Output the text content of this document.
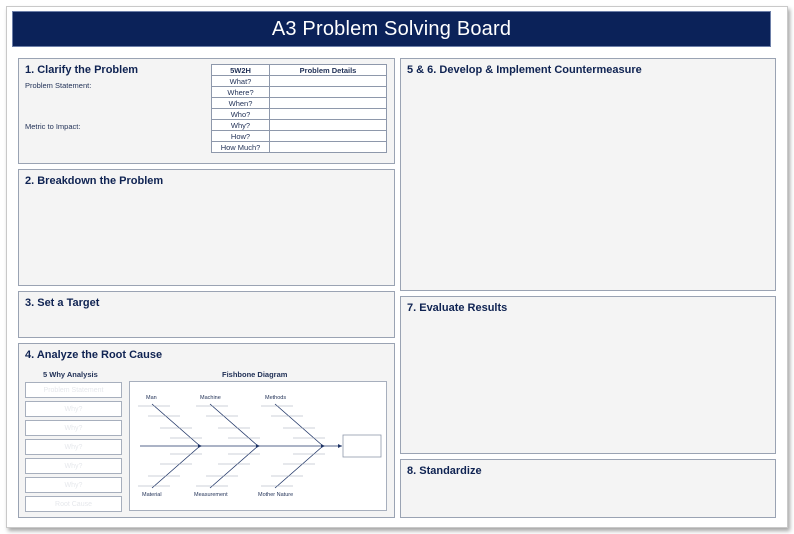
A3 Problem Solving Board
1. Clarify the Problem
Problem Statement:
Metric to Impact:
5W2H	Problem Details
What?	
Where?	
When?	
Who?	
Why?	
How?	
How Much?	
2. Breakdown the Problem
3. Set a Target
4. Analyze the Root Cause
5 Why Analysis	Fishbone Diagram
Problem Statement
Why?
Why?
Why?
Why?
Why?
Root Cause
Man	Machine	Methods
Material	Measurement	Mother Nature
5 & 6. Develop & Implement Countermeasure
7. Evaluate Results
8. Standardize
